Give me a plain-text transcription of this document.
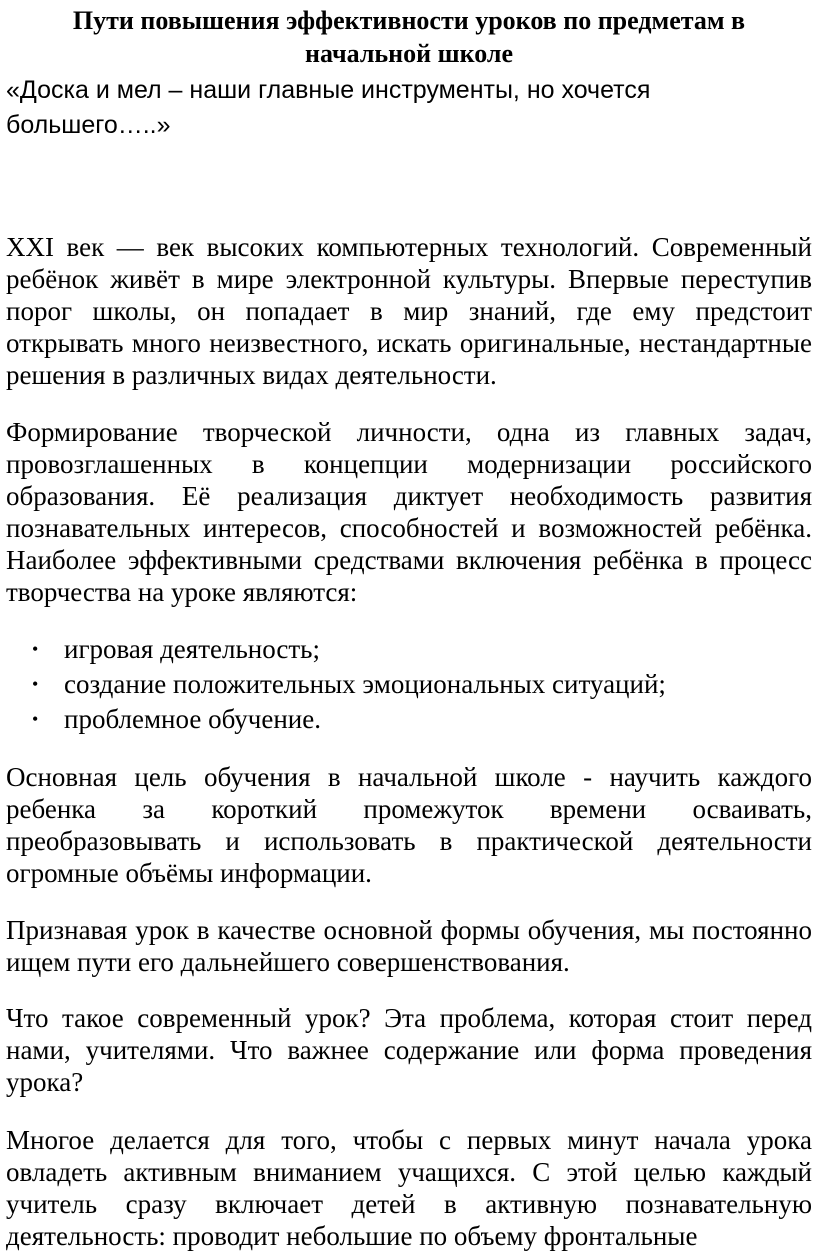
Пути повышения эффективности уроков по предметам в начальной школе
«Доска и мел – наши главные инструменты, но хочется большего…..»

XXI век — век высоких компьютерных технологий. Современный ребёнок живёт в мире электронной культуры. Впервые переступив порог школы, он попадает в мир знаний, где ему предстоит открывать много неизвестного, искать оригинальные, нестандартные решения в различных видах деятельности.

Формирование творческой личности, одна из главных задач, провозглашенных в концепции модернизации российского образования. Её реализация диктует необходимость развития познавательных интересов, способностей и возможностей ребёнка. Наиболее эффективными средствами включения ребёнка в процесс творчества на уроке являются:

• игровая деятельность;
• создание положительных эмоциональных ситуаций;
• проблемное обучение.

Основная цель обучения в начальной школе - научить каждого ребенка за короткий промежуток времени осваивать, преобразовывать и использовать в практической деятельности огромные объёмы информации.

Признавая урок в качестве основной формы обучения, мы постоянно ищем пути его дальнейшего совершенствования.

Что такое современный урок? Эта проблема, которая стоит перед нами, учителями. Что важнее содержание или форма проведения урока?

Многое делается для того, чтобы с первых минут начала урока овладеть активным вниманием учащихся. С этой целью каждый учитель сразу включает детей в активную познавательную деятельность: проводит небольшие по объему фронтальные
